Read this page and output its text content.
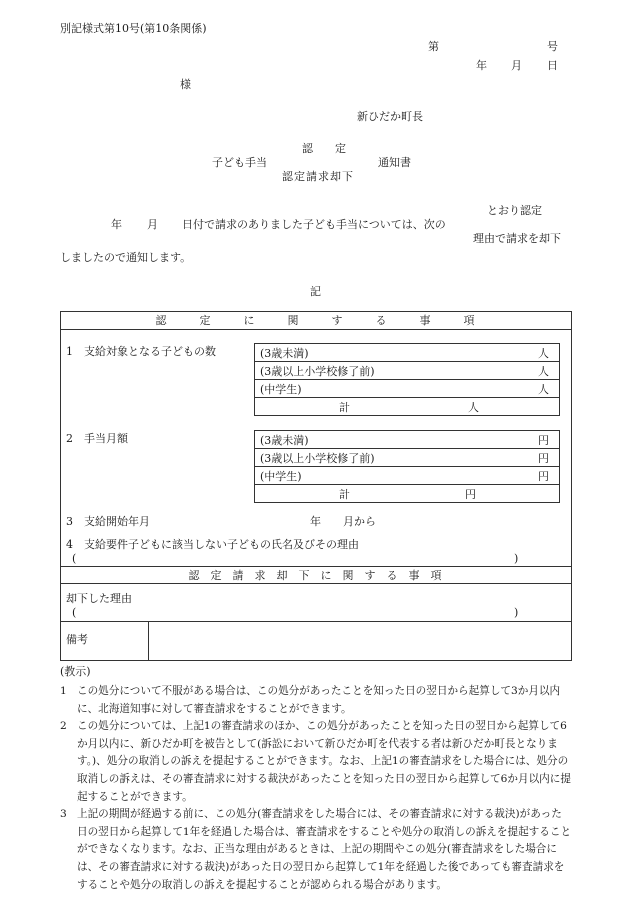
別記様式第10号(第10条関係)
第	号
年 月 日
様
新ひだか町長
認　　定
子ども手当	通知書
認定請求却下
とおり認定
年 月 日付で請求のありました子ども手当については、次の
理由で請求を却下
しましたので通知します。
記
認　　　定　　　に　　　関　　　す　　　る　　　事　　　項
1　支給対象となる子どもの数	(3歳未満)	人
(3歳以上小学校修了前)	人
(中学生)	人
計	人
2　手当月額	(3歳未満)	円
(3歳以上小学校修了前)	円
(中学生)	円
計	円
3　支給開始年月	年 月から
4　支給要件子どもに該当しない子どもの氏名及びその理由
(	)
認　定　請　求　却　下　に　関　す　る　事　項
却下した理由
(	)
備考
(教示)
1 この処分について不服がある場合は、この処分があったことを知った日の翌日から起算して3か月以内に、北海道知事に対して審査請求をすることができます。
2 この処分については、上記1の審査請求のほか、この処分があったことを知った日の翌日から起算して6か月以内に、新ひだか町を被告として(訴訟において新ひだか町を代表する者は新ひだか町長となります。)、処分の取消しの訴えを提起することができます。なお、上記1の審査請求をした場合には、処分の取消しの訴えは、その審査請求に対する裁決があったことを知った日の翌日から起算して6か月以内に提起することができます。
3 上記の期間が経過する前に、この処分(審査請求をした場合には、その審査請求に対する裁決)があった日の翌日から起算して1年を経過した場合は、審査請求をすることや処分の取消しの訴えを提起することができなくなります。なお、正当な理由があるときは、上記の期間やこの処分(審査請求をした場合には、その審査請求に対する裁決)があった日の翌日から起算して1年を経過した後であっても審査請求をすることや処分の取消しの訴えを提起することが認められる場合があります。
